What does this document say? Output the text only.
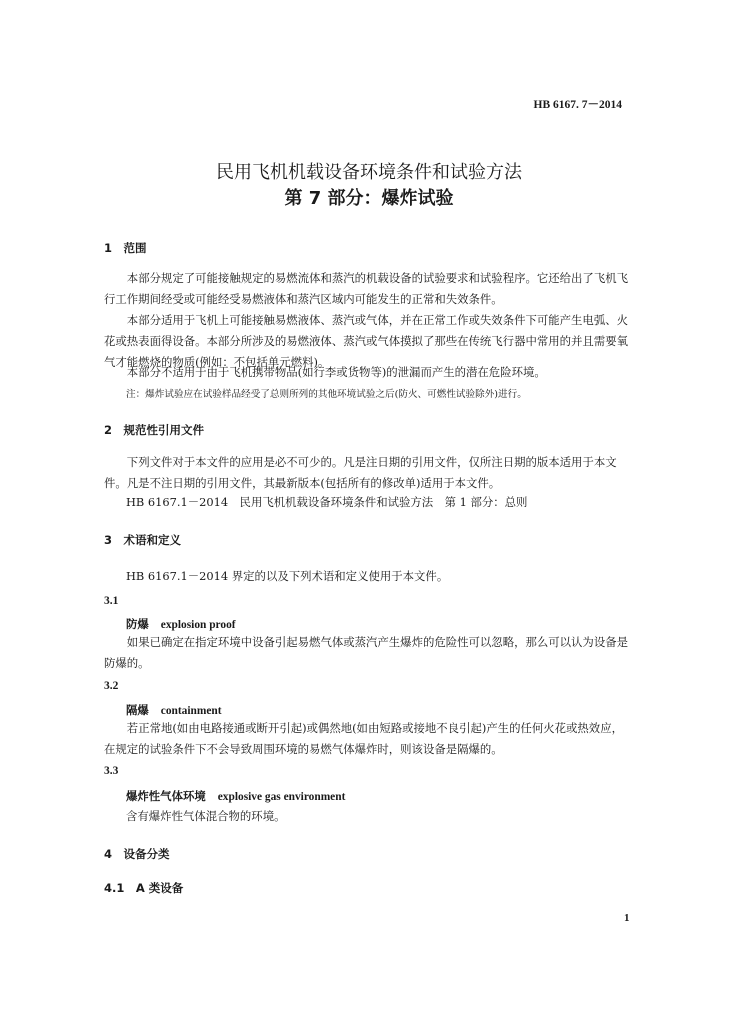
HB 6167. 7－2014
民用飞机机载设备环境条件和试验方法
第 7 部分：爆炸试验
1　范围
本部分规定了可能接触规定的易燃流体和蒸汽的机载设备的试验要求和试验程序。它还给出了飞机飞行工作期间经受或可能经受易燃液体和蒸汽区域内可能发生的正常和失效条件。
本部分适用于飞机上可能接触易燃液体、蒸汽或气体，并在正常工作或失效条件下可能产生电弧、火花或热表面得设备。本部分所涉及的易燃液体、蒸汽或气体摸拟了那些在传统飞行器中常用的并且需要氧气才能燃烧的物质(例如：不包括单元燃料)。
本部分不适用于由于飞机携带物品(如行李或货物等)的泄漏而产生的潜在危险环境。
注：爆炸试验应在试验样品经受了总则所列的其他环境试验之后(防火、可燃性试验除外)进行。
2　规范性引用文件
下列文件对于本文件的应用是必不可少的。凡是注日期的引用文件，仅所注日期的版本适用于本文件。凡是不注日期的引用文件，其最新版本(包括所有的修改单)适用于本文件。
HB 6167.1－2014　民用飞机机载设备环境条件和试验方法　第 1 部分：总则
3　术语和定义
HB 6167.1－2014 界定的以及下列术语和定义使用于本文件。
3.1
防爆 explosion proof
如果已确定在指定环境中设备引起易燃气体或蒸汽产生爆炸的危险性可以忽略，那么可以认为设备是防爆的。
3.2
隔爆 containment
若正常地(如由电路接通或断开引起)或偶然地(如由短路或接地不良引起)产生的任何火花或热效应，在规定的试验条件下不会导致周围环境的易燃气体爆炸时，则该设备是隔爆的。
3.3
爆炸性气体环境 explosive gas environment
含有爆炸性气体混合物的环境。
4　设备分类
4.1　A 类设备
1
